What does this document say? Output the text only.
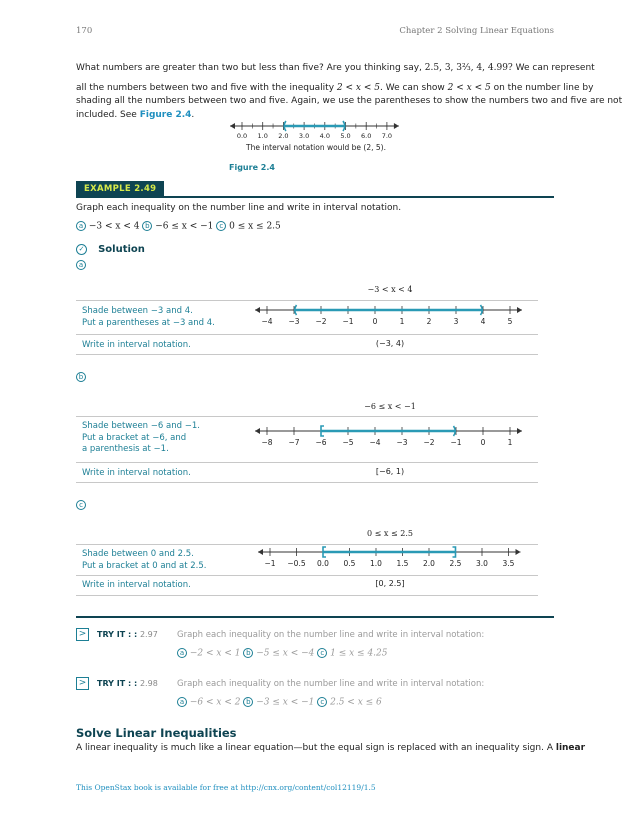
170	Chapter 2 Solving Linear Equations
What numbers are greater than two but less than five? Are you thinking say, 2.5, 3, 3⅔, 4, 4.99? We can represent
all the numbers between two and five with the inequality 2 < x < 5. We can show 2 < x < 5 on the number line by
shading all the numbers between two and five. Again, we use the parentheses to show the numbers two and five are not
included. See Figure 2.4.
0.0 1.0 2.0 3.0 4.0 5.0 6.0 7.0
The interval notation would be (2, 5).
Figure 2.4
EXAMPLE 2.49
Graph each inequality on the number line and write in interval notation.
a −3 < x < 4 b −6 ≤ x < −1 c 0 ≤ x ≤ 2.5
✓ Solution
a
−3 < x < 4
Shade between −3 and 4.
Put a parentheses at −3 and 4.	−4 −3 −2 −1	0	1	2	3	4	5
Write in interval notation.	(−3, 4)
b
−6 ≤ x < −1
Shade between −6 and −1.
Put a bracket at −6, and
a parenthesis at −1.
−8 −7 −6 −5 −4 −3 −2 −1	0	1
Write in interval notation.	[−6, 1)
c
0 ≤ x ≤ 2.5
Shade between 0 and 2.5.
Put a bracket at 0 and at 2.5.	−1 −0.5 0.0 0.5 1.0 1.5 2.0 2.5 3.0 3.5
Write in interval notation.	[0, 2.5]
>	TRY IT : : 2.97 Graph each inequality on the number line and write in interval notation:
a −2 < x < 1 b −5 ≤ x < −4 c 1 ≤ x ≤ 4.25
>	TRY IT : : 2.98 Graph each inequality on the number line and write in interval notation:
a −6 < x < 2 b −3 ≤ x < −1 c 2.5 < x ≤ 6
Solve Linear Inequalities
A linear inequality is much like a linear equation—but the equal sign is replaced with an inequality sign. A linear
This OpenStax book is available for free at http://cnx.org/content/col12119/1.5
